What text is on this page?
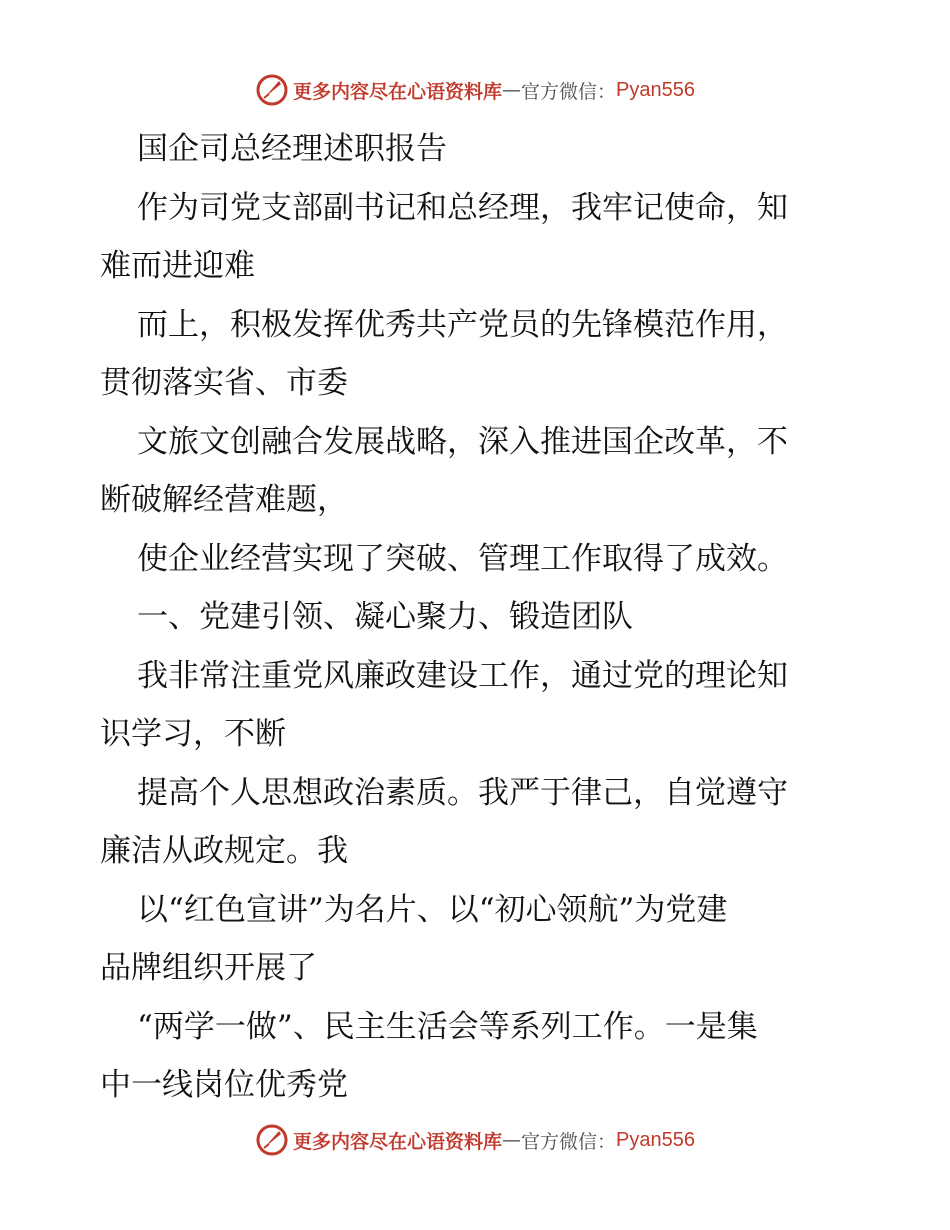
更多内容尽在心语资料库 — 官方微信： Pyan556
国企司总经理述职报告
作为司党支部副书记和总经理，我牢记使命，知
难而进迎难
而上，积极发挥优秀共产党员的先锋模范作用，
贯彻落实省、市委
文旅文创融合发展战略，深入推进国企改革，不
断破解经营难题，
使企业经营实现了突破、管理工作取得了成效。
一、党建引领、凝心聚力、锻造团队
我非常注重党风廉政建设工作，通过党的理论知
识学习，不断
提高个人思想政治素质。我严于律己，自觉遵守
廉洁从政规定。我
以“红色宣讲”为名片、以“初心领航”为党建
品牌组织开展了
“两学一做”、民主生活会等系列工作。一是集
中一线岗位优秀党
更多内容尽在心语资料库 — 官方微信： Pyan556
